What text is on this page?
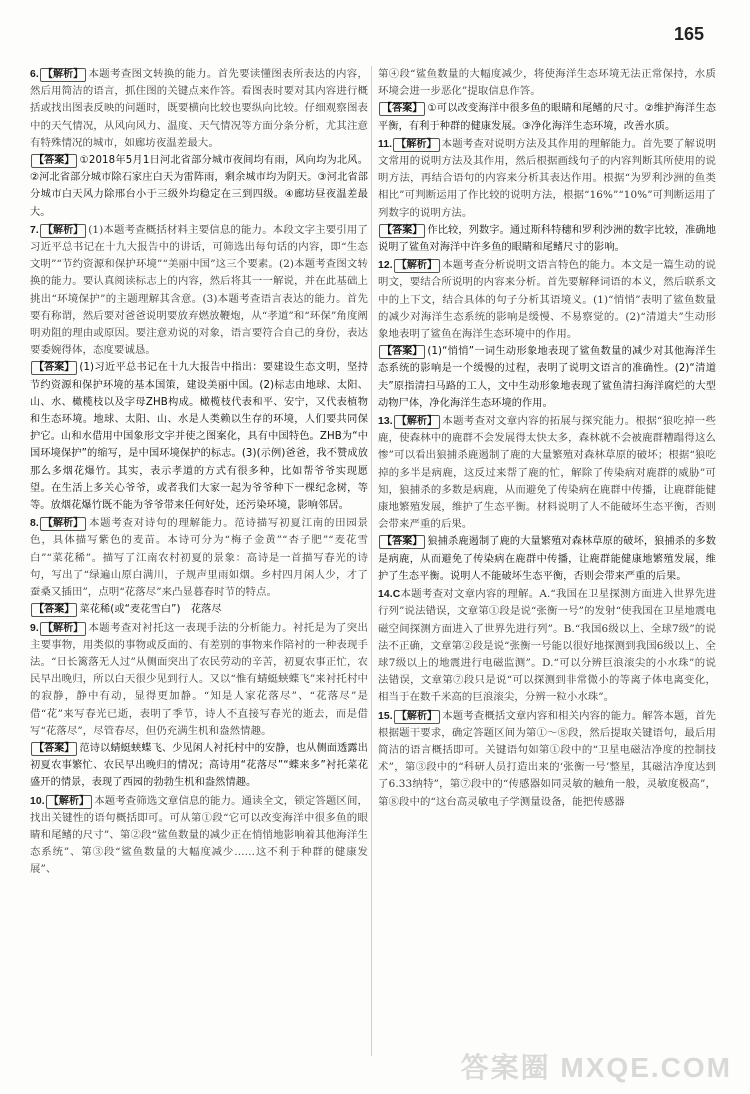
165

6. 【解析】 本题考查图文转换的能力。首先要读懂图表所表达的内容，然后用简洁的语言，抓住图的关键点来作答。看图表时要对其内容进行概括或找出图表反映的问题时，既要横向比较也要纵向比较。仔细观察图表中的天气情况，从风向风力、温度、天气情况等方面分条分析，尤其注意有特殊情况的城市，如廊坊夜温差最大。

【答案】 ①2018年5月1日河北省部分城市夜间均有雨，风向均为北风。②河北省部分城市除石家庄白天为雷阵雨，剩余城市均为阴天。③河北省部分城市白天风力除邢台小于三级外均稳定在三到四级。④廊坊昼夜温差最大。

7. 【解析】 (1)本题考查概括材料主要信息的能力。本段文字主要引用了习近平总书记在十九大报告中的讲话，可筛选出每句话的内容，即“生态文明”“节约资源和保护环境”“美丽中国”这三个要素。(2)本题考查图文转换的能力。要认真阅读标志上的内容，然后将其一一解说，并在此基础上挑出“环境保护”的主题理解其含意。(3)本题考查语言表达的能力。首先要有称谓，然后要对爸爸说明要放弃燃放鞭炮，从“孝道”和“环保”角度阐明劝阻的理由或原因。要注意劝说的对象，语言要符合自己的身份，表达要委婉得体，态度要诚恳。

【答案】 (1)习近平总书记在十九大报告中指出：要建设生态文明，坚持节约资源和保护环境的基本国策，建设美丽中国。(2)标志由地球、太阳、山、水、橄榄枝以及字母ZHB构成。橄榄枝代表和平、安宁，又代表植物和生态环境。地球、太阳、山、水是人类赖以生存的环境，人们要共同保护它。山和水借用中国象形文字并使之图案化，具有中国特色。ZHB为“中国环境保护”的缩写，是中国环境保护的标志。(3)(示例)爸爸，我不赞成放那么多烟花爆竹。其实，表示孝道的方式有很多种，比如帮爷爷实现愿望。在生活上多关心爷爷，或者我们大家一起为爷爷种下一棵纪念树，等等。放烟花爆竹既不能为爷爷带来任何好处，还污染环境，影响邻居。

8. 【解析】 本题考查对诗句的理解能力。范诗描写初夏江南的田园景色，具体描写紫色的麦苗。本诗可分为“梅子金黄”“杏子肥”“麦花雪白”“菜花稀”。描写了江南农村初夏的景象：高诗是一首描写春光的诗句，写出了“绿遍山原白满川，子规声里雨如烟。乡村四月闲人少，才了蚕桑又插田”，点明“花落尽”来凸显暮春时节的特点。

【答案】 菜花稀(或“麦花雪白”)　花落尽

9. 【解析】 本题考查对衬托这一表现手法的分析能力。衬托是为了突出主要事物，用类似的事物或反面的、有差别的事物来作陪衬的一种表现手法。“日长篱落无人过”从侧面突出了农民劳动的辛苦，初夏农事正忙，农民早出晚归，所以白天很少见到行人。又以“惟有蜻蜓蛱蝶飞”来衬托村中的寂静，静中有动，显得更加静。“知是人家花落尽”、“花落尽”是借“花”来写春光已逝，表明了季节，诗人不直接写春光的逝去，而是借写“花落尽”，尽管春尽，但仍充满生机和盎然情趣。

【答案】 范诗以蜻蜓蛱蝶飞、少见闲人衬托村中的安静，也从侧面透露出初夏农事繁忙、农民早出晚归的情况；高诗用“花落尽”“蝶来多”衬托菜花盛开的情景，表现了西园的勃勃生机和盎然情趣。

10. 【解析】 本题考查筛选文章信息的能力。通读全文，锁定答题区间，找出关键性的语句概括即可。可从第①段“它可以改变海洋中很多鱼的眼睛和尾鳍的尺寸”、第②段“鲨鱼数量的减少正在悄悄地影响着其他海洋生态系统”、第③段“鲨鱼数量的大幅度减少……这不利于种群的健康发展”、

第④段“鲨鱼数量的大幅度减少，将使海洋生态环境无法正常保持，水质环境会进一步恶化”提取信息作答。

【答案】 ①可以改变海洋中很多鱼的眼睛和尾鳍的尺寸。②维护海洋生态平衡，有利于种群的健康发展。③净化海洋生态环境，改善水质。

11. 【解析】 本题考查对说明方法及其作用的理解能力。首先要了解说明文常用的说明方法及其作用，然后根据画线句子的内容判断其所使用的说明方法，再结合语句的内容来分析其表达作用。根据“为罗利沙洲的鱼类相比”可判断运用了作比较的说明方法，根据“16%”“10%”可判断运用了列数字的说明方法。

【答案】 作比较，列数字。通过斯科特穗和罗利沙洲的数字比较，准确地说明了鲨鱼对海洋中许多鱼的眼睛和尾鳍尺寸的影响。

12. 【解析】 本题考查分析说明文语言特色的能力。本文是一篇生动的说明文，要结合所说明的内容来分析。首先要解释词语的本义，然后联系文中的上下文，结合具体的句子分析其语境义。(1)“悄悄”表明了鲨鱼数量的减少对海洋生态系统的影响是缓慢、不易察觉的。(2)“清道夫”生动形象地表明了鲨鱼在海洋生态环境中的作用。

【答案】 (1)“悄悄”一词生动形象地表现了鲨鱼数量的减少对其他海洋生态系统的影响是一个缓慢的过程，表明了说明文语言的准确性。(2)“清道夫”原指清扫马路的工人，文中生动形象地表现了鲨鱼清扫海洋腐烂的大型动物尸体，净化海洋生态环境的作用。

13. 【解析】 本题考查对文章内容的拓展与探究能力。根据“狼吃掉一些鹿，使森林中的鹿群不会发展得太快太多，森林就不会被鹿群糟蹋得这么惨”可以看出狼捕杀鹿遏制了鹿的大量繁殖对森林草原的破坏；根据“狼吃掉的多半是病鹿，这反过来帮了鹿的忙，解除了传染病对鹿群的威胁”可知，狼捕杀的多数是病鹿，从而避免了传染病在鹿群中传播，让鹿群能健康地繁殖发展，维护了生态平衡。材料说明了人不能破坏生态平衡，否则会带来严重的后果。

【答案】 狼捕杀鹿遏制了鹿的大量繁殖对森林草原的破坏，狼捕杀的多数是病鹿，从而避免了传染病在鹿群中传播，让鹿群能健康地繁殖发展，维护了生态平衡。说明人不能破坏生态平衡，否则会带来严重的后果。

14.C本题考查对文章内容的理解。A.“我国在卫星探测方面进入世界先进行列”说法错误，文章第①段是说“张衡一号”的发射“使我国在卫星地震电磁空间探测方面进入了世界先进行列”。B.“我国6级以上、全球7级”的说法不正确，文章第②段是说“张衡一号能以很好地探测到我国6级以上、全球7级以上的地震进行电磁监测”。D.“可以分辨巨浪滚尖的小水珠”的说法错误，文章第⑦段只是说“可以探测到非常微小的等离子体电离变化，相当于在数千米高的巨浪滚尖，分辨一粒小水珠”。

15. 【解析】 本题考查概括文章内容和相关内容的能力。解答本题，首先根据题干要求，确定答题区间为第①～⑧段，然后提取关键语句，最后用简洁的语言概括即可。关键语句如第①段中的“卫星电磁洁净度的控制技术”，第③段中的“科研人员打造出来的‘张衡一号’整星，其磁洁净度达到了6.33纳特”，第⑦段中的“传感器如同灵敏的触角一般，灵敏度极高”，第⑧段中的“这台高灵敏电子学测量设备，能把传感器

答案圈 MXQE.COM
